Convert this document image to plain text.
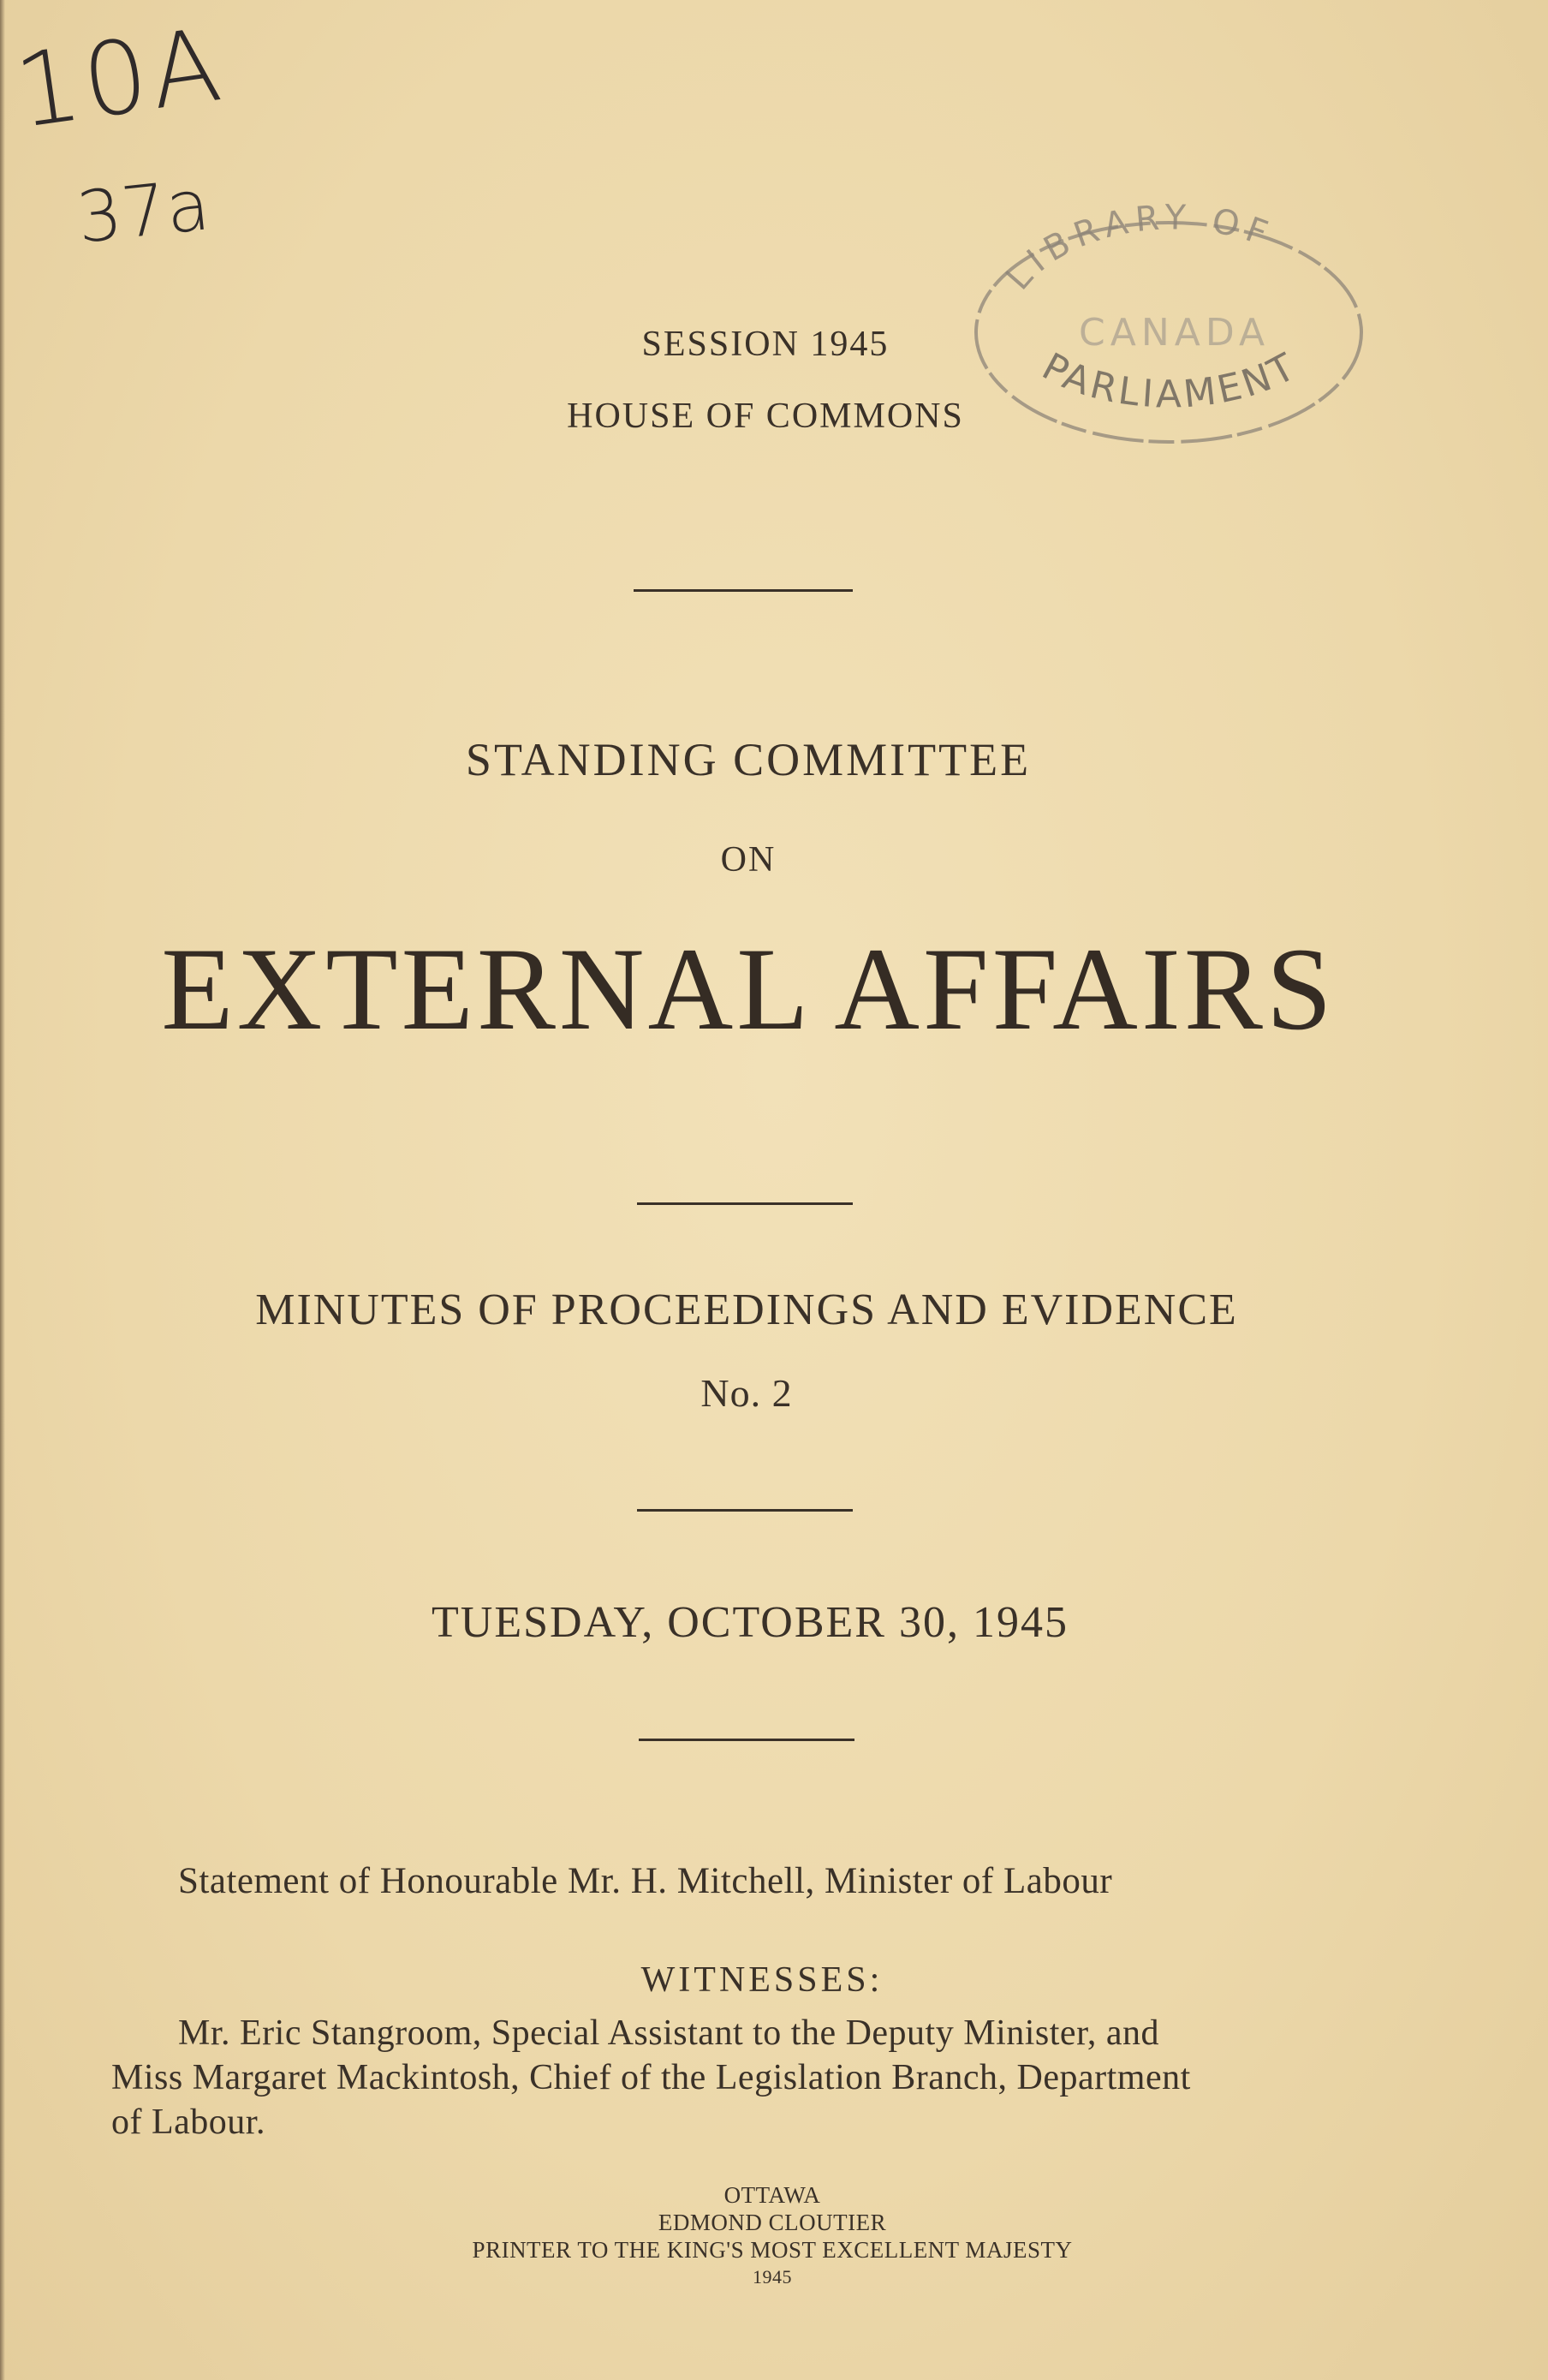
10A
37a
LIBRARY OF
CANADA
PARLIAMENT
SESSION 1945
HOUSE OF COMMONS
STANDING COMMITTEE
ON
EXTERNAL AFFAIRS
MINUTES OF PROCEEDINGS AND EVIDENCE
No. 2
TUESDAY, OCTOBER 30, 1945
Statement of Honourable Mr. H. Mitchell, Minister of Labour
WITNESSES:
Mr. Eric Stangroom, Special Assistant to the Deputy Minister, and
Miss Margaret Mackintosh, Chief of the Legislation Branch, Department
of Labour.
OTTAWA
EDMOND CLOUTIER
PRINTER TO THE KING'S MOST EXCELLENT MAJESTY
1945
